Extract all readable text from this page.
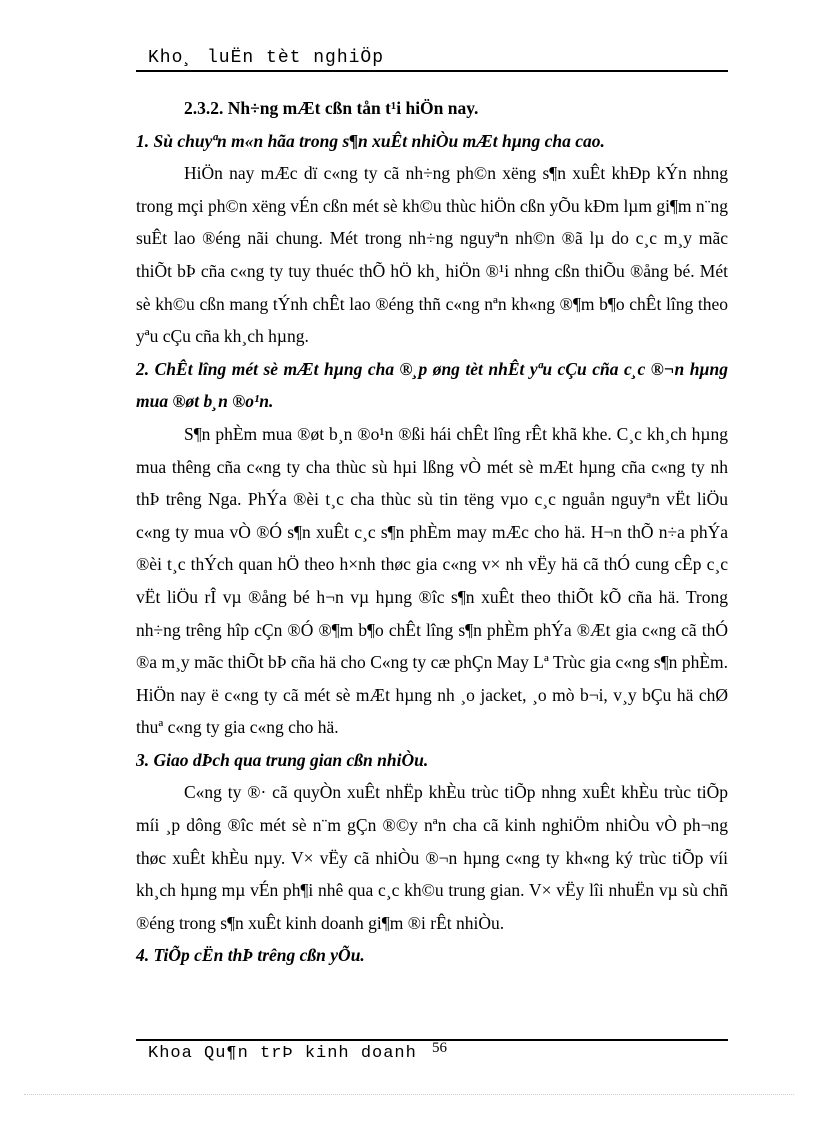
Kho¸ luËn tèt nghiÖp

2.3.2. Nh÷ng mÆt cßn tån t¹i hiÖn nay.

1. Sù chuyªn m«n hãa trong s¶n xuÊt nhiÒu mÆt hµng cha cao.

HiÖn nay mÆc dï c«ng ty cã nh÷ng ph©n xëng s¶n xuÊt khÐp kÝn nhng trong mçi ph©n xëng vÉn cßn mét sè kh©u thùc hiÖn cßn yÕu kÐm lµm gi¶m n¨ng suÊt lao ®éng nãi chung. Mét trong nh÷ng nguyªn nh©n ®ã lµ do c¸c m¸y mãc thiÕt bÞ cña c«ng ty tuy thuéc thÕ hÖ kh¸ hiÖn ®¹i nhng cßn thiÕu ®ång bé. Mét sè kh©u cßn mang tÝnh chÊt lao ®éng thñ c«ng nªn kh«ng ®¶m b¶o chÊt lîng theo yªu cÇu cña kh¸ch hµng.

2. ChÊt lîng mét sè mÆt hµng cha ®¸p øng tèt nhÊt yªu cÇu cña c¸c ®¬n hµng mua ®øt b¸n ®o¹n.

S¶n phÈm mua ®øt b¸n ®o¹n ®ßi hái chÊt lîng rÊt khã khe. C¸c kh¸ch hµng mua thêng cña c«ng ty cha thùc sù hµi lßng vÒ mét sè mÆt hµng cña c«ng ty nh thÞ trêng Nga. PhÝa ®èi t¸c cha thùc sù tin tëng vµo c¸c nguån nguyªn vËt liÖu c«ng ty mua vÒ ®Ó s¶n xuÊt c¸c s¶n phÈm may mÆc cho hä. H¬n thÕ n÷a phÝa ®èi t¸c thÝch quan hÖ theo h×nh thøc gia c«ng v× nh vËy hä cã thÓ cung cÊp c¸c vËt liÖu rÎ vµ ®ång bé h¬n vµ hµng ®îc s¶n xuÊt theo thiÕt kÕ cña hä. Trong nh÷ng trêng hîp cÇn ®Ó ®¶m b¶o chÊt lîng s¶n phÈm phÝa ®Æt gia c«ng cã thÓ ®a m¸y mãc thiÕt bÞ cña hä cho C«ng ty cæ phÇn May Lª Trùc gia c«ng s¶n phÈm. HiÖn nay ë c«ng ty cã mét sè mÆt hµng nh ¸o jacket, ¸o mò b¬i, v¸y bÇu hä chØ thuª c«ng ty gia c«ng cho hä.

3. Giao dÞch qua trung gian cßn nhiÒu.

C«ng ty ®· cã quyÒn xuÊt nhËp khÈu trùc tiÕp nhng xuÊt khÈu trùc tiÕp míi ¸p dông ®îc mét sè n¨m gÇn ®©y nªn cha cã kinh nghiÖm nhiÒu vÒ ph¬ng thøc xuÊt khÈu nµy. V× vËy cã nhiÒu ®¬n hµng c«ng ty kh«ng ký trùc tiÕp víi kh¸ch hµng mµ vÉn ph¶i nhê qua c¸c kh©u trung gian. V× vËy lîi nhuËn vµ sù chñ ®éng trong s¶n xuÊt kinh doanh gi¶m ®i rÊt nhiÒu.

4. TiÕp cËn thÞ trêng cßn yÕu.

Khoa Qu¶n trÞ kinh doanh 56
